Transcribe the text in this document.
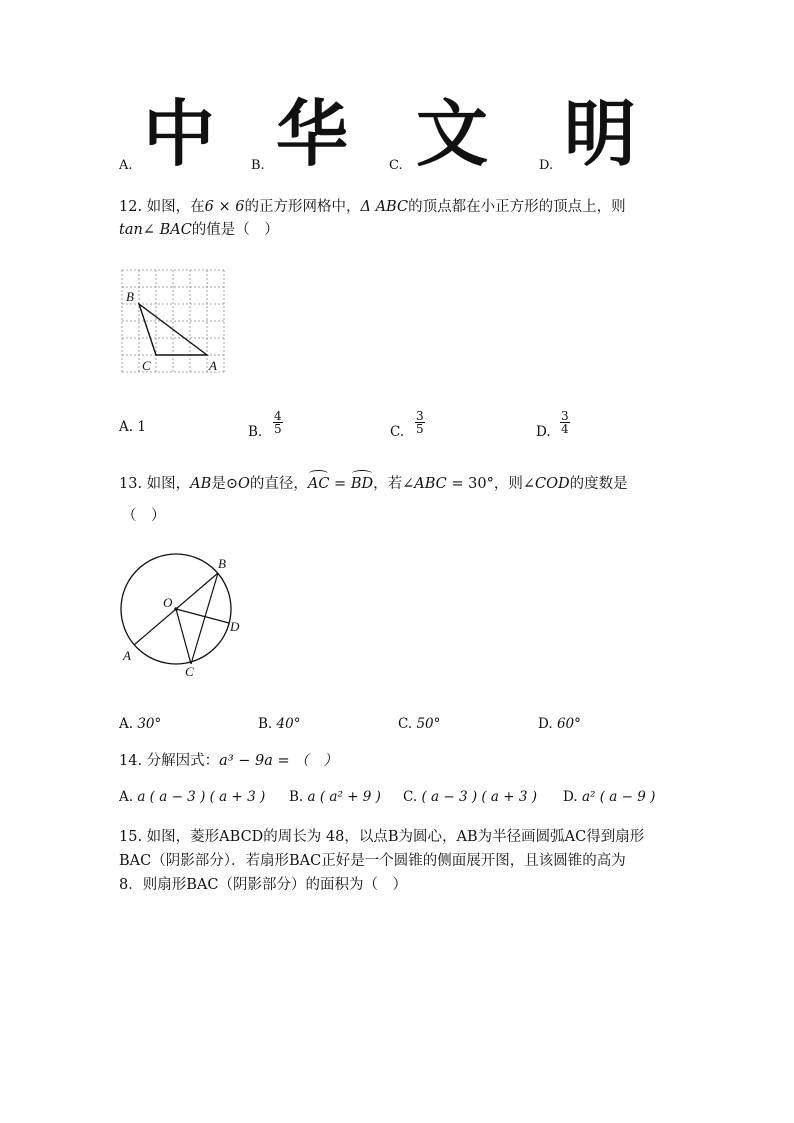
A. 中	B. 华	C. 文	D. 明
12. 如图，在6 × 6的正方形网格中，Δ ABC的顶点都在小正方形的顶点上，则
tan∠ BAC的值是（　）
B
C	A
A. 1	B. $\frac{4}{5}$	C. $\frac{3}{5}$	D. $\frac{3}{4}$
13. 如图，AB是⊙O的直径，AC = BD，若∠ABC = 30°，则∠COD的度数是
（　）
B
O
D
A
C
A. 30°	B. 40°	C. 50°	D. 60°
14. 分解因式：a³ − 9a = （　）
A. a ( a − 3 ) ( a + 3 ) B. a ( a² + 9 ) C. ( a − 3 ) ( a + 3 ) D. a² ( a − 9 )
15. 如图，菱形ABCD的周长为 48，以点B为圆心，AB为半径画圆弧AC得到扇形
BAC（阴影部分）．若扇形BAC正好是一个圆锥的侧面展开图，且该圆锥的高为
8．则扇形BAC（阴影部分）的面积为（　）
